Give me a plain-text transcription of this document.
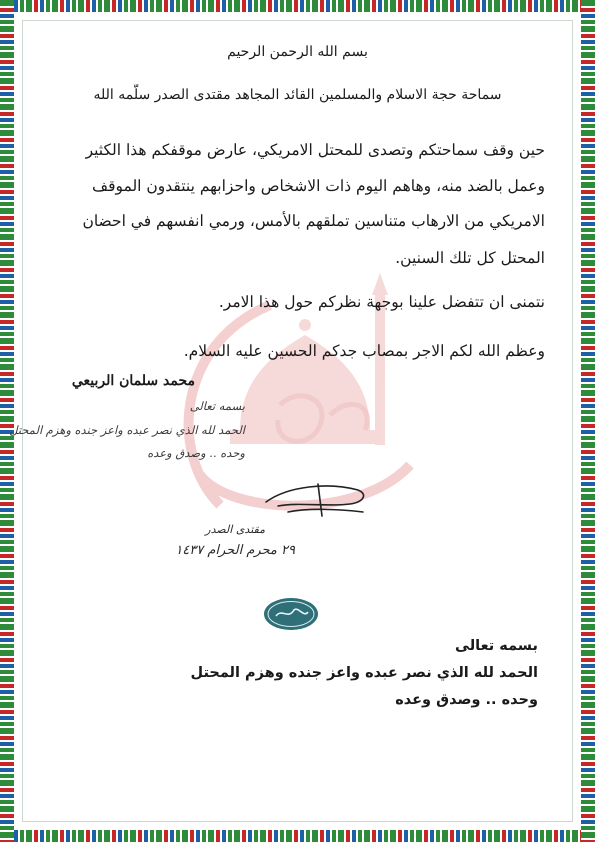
بسم الله الرحمن الرحيم
سماحة حجة الاسلام والمسلمين القائد المجاهد مقتدى الصدر سلّمه الله
حين وقف سماحتكم وتصدى للمحتل الامريكي، عارض موقفكم هذا الكثير
وعمل بالضد منه، وهاهم اليوم ذات الاشخاص واحزابهم ينتقدون الموقف
الامريكي من الارهاب متناسين تملقهم بالأمس، ورمي انفسهم في احضان
المحتل كل تلك السنين.
نتمنى ان تتفضل علينا بوجهة نظركم حول هذا الامر.
وعظم الله لكم الاجر بمصاب جدكم الحسين عليه السلام.
محمد سلمان الربيعي
بسمه تعالى
الحمد لله الذي نصر عبده واعز جنده وهزم المحتل
وحده .. وصدق وعده
مقتدى الصدر
٢٩ محرم الحرام ١٤٣٧
بسمه تعالى
الحمد لله الذي نصر عبده واعز جنده وهزم المحتل
وحده .. وصدق وعده
